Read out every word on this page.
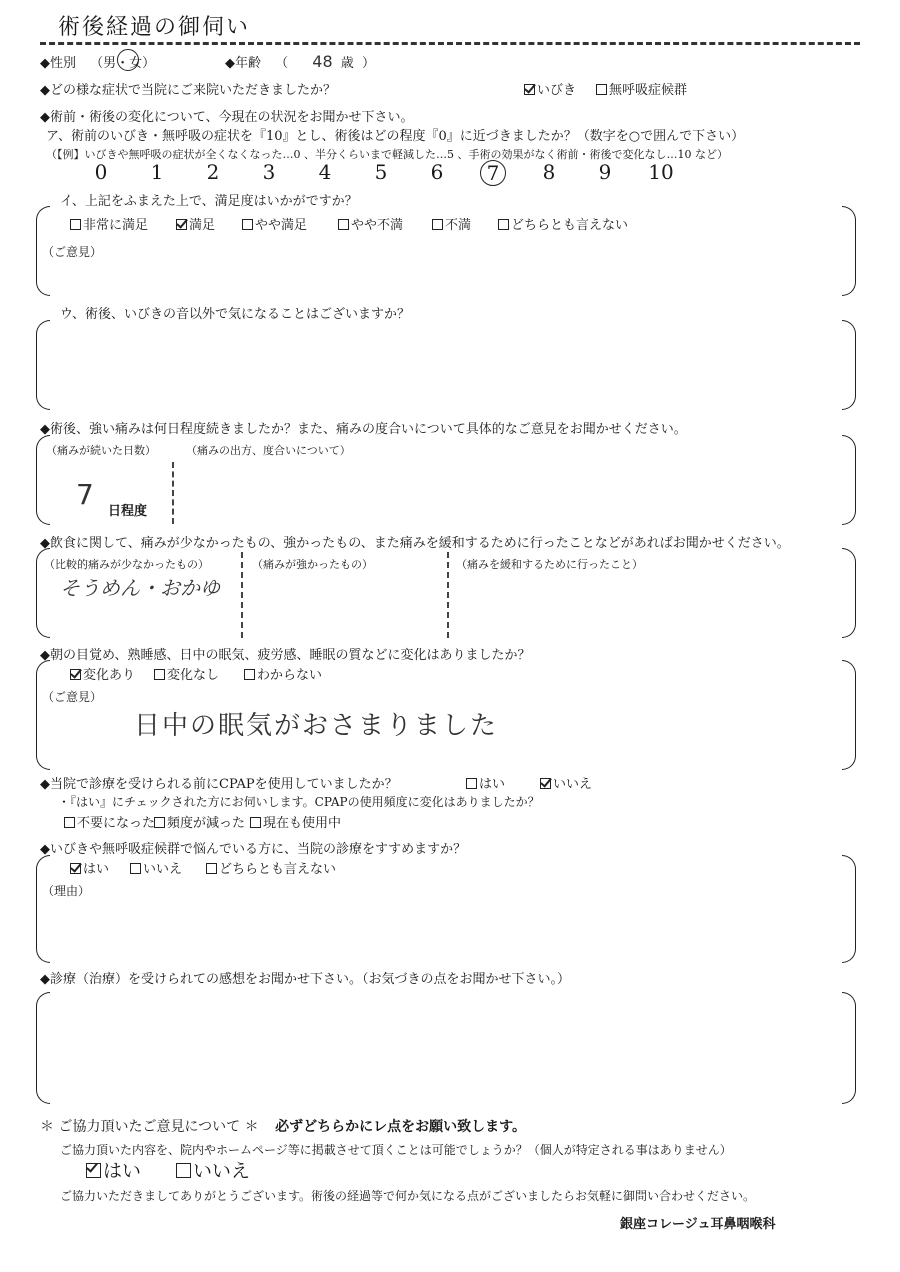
術後経過の御伺い
◆性別 （男・女）	◆年齢 （ 48 歳 ）
◆どの様な症状で当院にご来院いただきましたか？	いびき	無呼吸症候群
◆術前・術後の変化について、今現在の状況をお聞かせ下さい。
ア、術前のいびき・無呼吸の症状を『10』とし、術後はどの程度『0』に近づきましたか？（数字を○で囲んで下さい）
（【例】いびきや無呼吸の症状が全くなくなった…0 、半分くらいまで軽減した…5 、手術の効果がなく術前・術後で変化なし…10 など）
0	1	2	3	4	5	6	7	8	9	10
イ、上記をふまえた上で、満足度はいかがですか？
非常に満足	満足	やや満足	やや不満	不満	どちらとも言えない
（ご意見）
ウ、術後、いびきの音以外で気になることはございますか？
◆術後、強い痛みは何日程度続きましたか？また、痛みの度合いについて具体的なご意見をお聞かせください。
（痛みが続いた日数）	（痛みの出方、度合いについて）
7
日程度
◆飲食に関して、痛みが少なかったもの、強かったもの、また痛みを緩和するために行ったことなどがあればお聞かせください。
（比較的痛みが少なかったもの）	（痛みが強かったもの）	（痛みを緩和するために行ったこと）
そうめん・おかゆ
◆朝の目覚め、熟睡感、日中の眠気、疲労感、睡眠の質などに変化はありましたか？
変化あり	変化なし	わからない
（ご意見）
日中の眠気がおさまりました
◆当院で診療を受けられる前にCPAPを使用していましたか？	はい	いいえ
・『はい』にチェックされた方にお伺いします。CPAPの使用頻度に変化はありましたか？
不要になった 頻度が減った	現在も使用中
◆いびきや無呼吸症候群で悩んでいる方に、当院の診療をすすめますか？
はい	いいえ	どちらとも言えない
（理由）
◆診療（治療）を受けられての感想をお聞かせ下さい。（お気づきの点をお聞かせ下さい。）
＊ ご協力頂いたご意見について ＊ 必ずどちらかにレ点をお願い致します。
ご協力頂いた内容を、院内やホームページ等に掲載させて頂くことは可能でしょうか？（個人が特定される事はありません）
はい	いいえ
ご協力いただきましてありがとうございます。術後の経過等で何か気になる点がございましたらお気軽に御問い合わせください。
銀座コレージュ耳鼻咽喉科
